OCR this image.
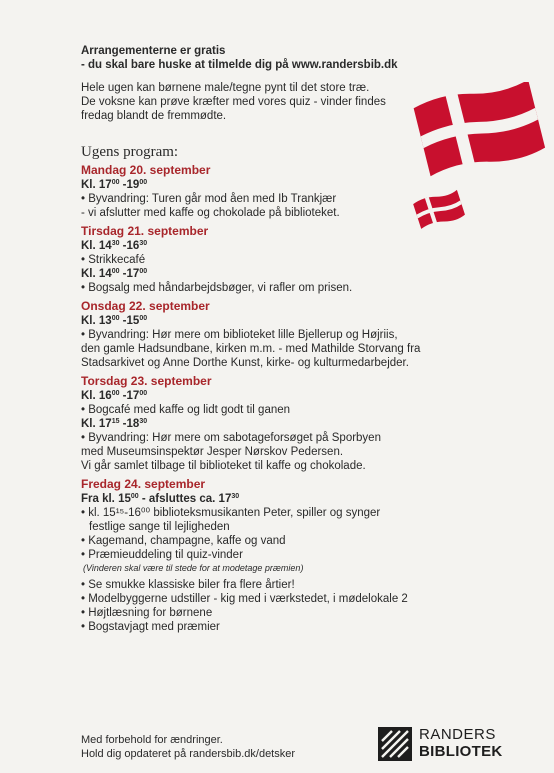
Arrangementerne er gratis

- du skal bare huske at tilmelde dig på www.randersbib.dk

Hele ugen kan børnene male/tegne pynt til det store træ.

De voksne kan prøve kræfter med vores quiz - vinder findes

fredag blandt de fremmødte.

Ugens program:

Mandag 20. september

Kl. $17^{00}$ $-19^{00}$

• Byvandring: Turen går mod åen med Ib Trankjær

- vi afslutter med kaffe og chokolade på biblioteket.

Tirsdag 21. september

Kl. $14^{30}$ $-16^{30}$

• Strikkecafé

Kl. $14^{00}$ $-17^{00}$

• Bogsalg med håndarbejdsbøger, vi rafler om prisen.

Onsdag 22. september

Kl. $13^{00}$ $-15^{00}$

• Byvandring: Hør mere om biblioteket lille Bjellerup og Højriis,

den gamle Hadsundbane, kirken m.m. - med Mathilde Storvang fra

Stadsarkivet og Anne Dorthe Kunst, kirke- og kulturmedarbejder.

Torsdag 23. september

Kl. $16^{00}$ $-17^{00}$

• Bogcafé med kaffe og lidt godt til ganen

Kl. $17^{15}$ $-18^{30}$

• Byvandring: Hør mere om sabotageforsøget på Sporbyen

med Museumsinspektør Jesper Nørskov Pedersen.

Vi går samlet tilbage til biblioteket til kaffe og chokolade.

Fredag 24. september

Fra kl. $15^{00}$ - afsluttes ca. $17^{30}$

• kl. 15¹⁵-16⁰⁰ biblioteksmusikanten Peter, spiller og synger

festlige sange til lejligheden

• Kagemand, champagne, kaffe og vand

• Præmieuddeling til quiz-vinder

(Vinderen skal være til stede for at modetage præmien)

• Se smukke klassiske biler fra flere årtier!

• Modelbyggerne udstiller - kig med i værkstedet, i mødelokale 2

• Højtlæsning for børnene

• Bogstavjagt med præmier

Med forbehold for ændringer.

Hold dig opdateret på randersbib.dk/detsker

RANDERS
BIBLIOTEK
